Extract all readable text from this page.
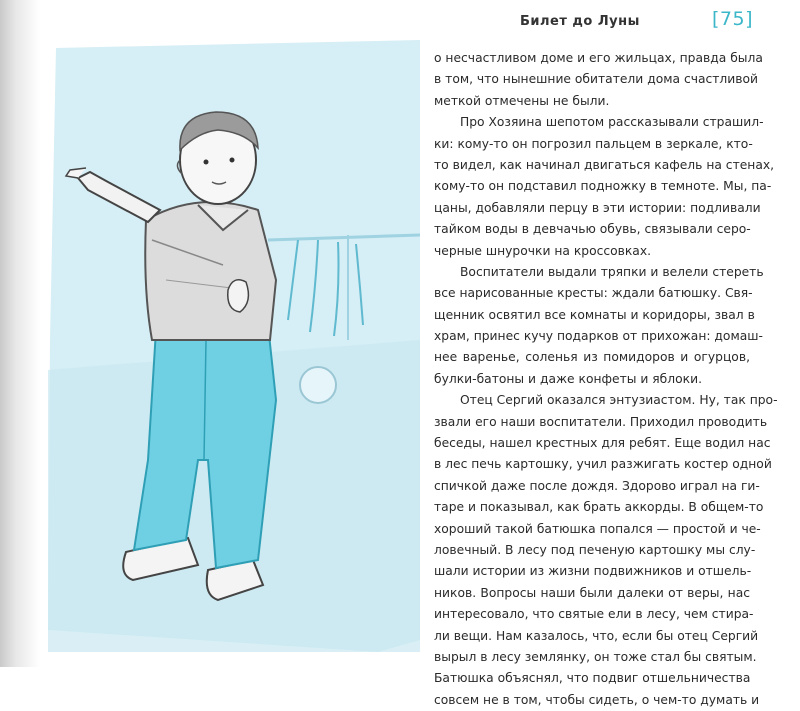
Билет до Луны	[75]
о несчастливом доме и его жильцах, правда была
в том, что нынешние обитатели дома счастливой
меткой отмечены не были.
Про Хозяина шепотом рассказывали страшил-
ки: кому-то он погрозил пальцем в зеркале, кто-
то видел, как начинал двигаться кафель на стенах,
кому-то он подставил подножку в темноте. Мы, па-
цаны, добавляли перцу в эти истории: подливали
тайком воды в девчачью обувь, связывали серо-
черные шнурочки на кроссовках.
Воспитатели выдали тряпки и велели стереть
все нарисованные кресты: ждали батюшку. Свя-
щенник освятил все комнаты и коридоры, звал в
храм, принес кучу подарков от прихожан: домаш-
нее варенье, соленья из помидоров и огурцов,
булки-батоны и даже конфеты и яблоки.
Отец Сергий оказался энтузиастом. Ну, так про-
звали его наши воспитатели. Приходил проводить
беседы, нашел крестных для ребят. Еще водил нас
в лес печь картошку, учил разжигать костер одной
спичкой даже после дождя. Здорово играл на ги-
таре и показывал, как брать аккорды. В общем-то
хороший такой батюшка попался — простой и че-
ловечный. В лесу под печеную картошку мы слу-
шали истории из жизни подвижников и отшель-
ников. Вопросы наши были далеки от веры, нас
интересовало, что святые ели в лесу, чем стира-
ли вещи. Нам казалось, что, если бы отец Сергий
вырыл в лесу землянку, он тоже стал бы святым.
Батюшка объяснял, что подвиг отшельничества
совсем не в том, чтобы сидеть, о чем-то думать и
